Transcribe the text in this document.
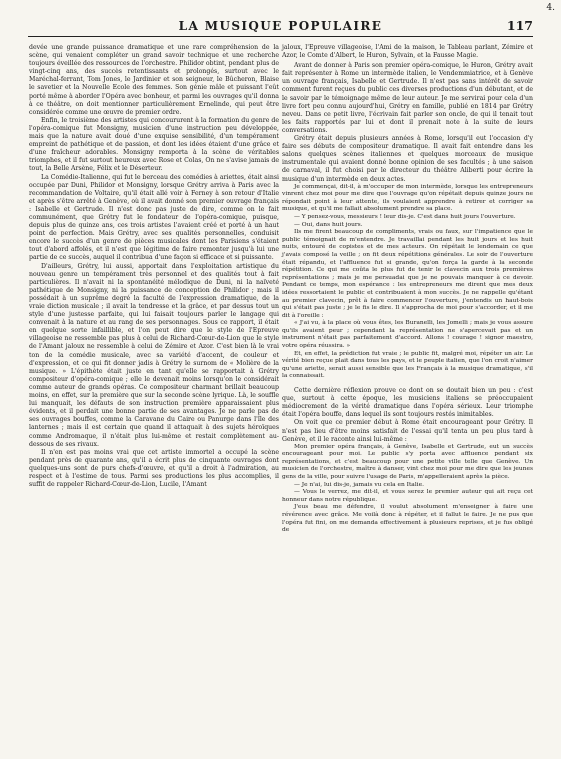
4.
LA MUSIQUE POPULAIRE	117

devée une grande puissance dramatique et une rare compréhension de la scène, qui venaient compléter un grand savoir technique et une recherche toujours éveillée des ressources de l'orchestre. Philidor obtint, pendant plus de vingt-cinq ans, des succès retentissants et prolongés, surtout avec le Maréchal-ferrant, Tom Jones, le Jardinier et son seigneur, le Bûcheron, Blaise le savetier et la Nouvelle Ecole des femmes. Son génie mâle et puissant l'eût porté même à aborder l'Opéra avec bonheur, et parmi les ouvrages qu'il donna à ce théâtre, on doit mentionner particulièrement Ernelinde, qui peut être considérée comme une œuvre de premier ordre.

Enfin, le troisième des artistes qui concoururent à la formation du genre de l'opéra-comique fut Monsigny, musicien d'une instruction peu développée, mais que la nature avait doué d'une exquise sensibilité, d'un tempérament empreint de pathétique et de passion, et dont les idées étaient d'une grâce et d'une fraîcheur adorables. Monsigny remporta à la scène de véritables triomphes, et il fut surtout heureux avec Rose et Colas, On ne s'avise jamais de tout, la Belle Arsène, Félix et le Déserteur.

La Comédie-Italienne, qui fut le berceau des comédies à ariettes, était ainsi occupée par Duni, Philidor et Monsigny, lorsque Grétry arriva à Paris avec la recommandation de Voltaire, qu'il était allé voir à Ferney à son retour d'Italie et après s'être arrêté à Genève, où il avait donné son premier ouvrage français : Isabelle et Gertrude. Il n'est donc pas juste de dire, comme on le fait communément, que Grétry fut le fondateur de l'opéra-comique, puisque, depuis plus de quinze ans, ces trois artistes l'avaient créé et porté à un haut point de perfection. Mais Grétry, avec ses qualités personnelles, conduisit encore le succès d'un genre de pièces musicales dont les Parisiens s'étaient tout d'abord affolés, et il n'est que légitime de faire remonter jusqu'à lui une partie de ce succès, auquel il contribua d'une façon si efficace et si puissante.

D'ailleurs, Grétry, lui aussi, apportait dans l'exploitation artistique du nouveau genre un tempérament très personnel et des qualités tout à fait particulières. Il n'avait ni la spontanéité mélodique de Duni, ni la naïveté pathétique de Monsigny, ni la puissance de conception de Philidor ; mais il possédait à un suprême degré la faculté de l'expression dramatique, de la vraie diction musicale ; il avait la tendresse et la grâce, et par dessus tout un style d'une justesse parfaite, qui lui faisait toujours parler le langage qui convenait à la nature et au rang de ses personnages. Sous ce rapport, il était en quelque sorte infaillible, et l'on peut dire que le style de l'Epreuve villageoise ne ressemble pas plus à celui de Richard-Cœur-de-Lion que le style de l'Amant jaloux ne ressemble à celui de Zémire et Azor. C'est bien là le vrai ton de la comédie musicale, avec sa variété d'accent, de couleur et d'expression, et ce qui fit donner jadis à Grétry le surnom de « Molière de la musique. » L'épithète était juste en tant qu'elle se rapportait à Grétry compositeur d'opéra-comique ; elle le devenait moins lorsqu'on le considérait comme auteur de grands opéras. Ce compositeur charmant brillait beaucoup moins, en effet, sur la première que sur la seconde scène lyrique. Là, le souffle lui manquait, les défauts de son instruction première apparaissaient plus évidents, et il perdait une bonne partie de ses avantages. Je ne parle pas de ses ouvrages bouffes, comme la Caravane du Caire ou Panurge dans l'île des lanternes ; mais il est certain que quand il attaquait à des sujets héroïques comme Andromaque, il n'était plus lui-même et restait complètement au-dessous de ses rivaux.

Il n'en est pas moins vrai que cet artiste immortel a occupé la scène pendant près de quarante ans, qu'il a écrit plus de cinquante ouvrages dont quelques-uns sont de purs chefs-d'œuvre, et qu'il a droit à l'admiration, au respect et à l'estime de tous. Parmi ses productions les plus accomplies, il suffit de rappeler Richard-Cœur-de-Lion, Lucile, l'Amant

jaloux, l'Epreuve villageoise, l'Ami de la maison, le Tableau parlant, Zémire et Azor, le Comte d'Albert, le Huron, Sylvain, et la Fausse Magie.

Avant de donner à Paris son premier opéra-comique, le Huron, Grétry avait fait représenter à Rome un intermède italien, le Vendemmiatrice, et à Genève un ouvrage français, Isabelle et Gertrude. Il n'est pas sans intérêt de savoir comment furent reçues du public ces diverses productions d'un débutant, et de le savoir par le témoignage même de leur auteur. Je me servirai pour cela d'un livre fort peu connu aujourd'hui, Grétry en famille, publié en 1814 par Grétry neveu. Dans ce petit livre, l'écrivain fait parler son oncle, de qui il tenait tout les faits rapportés par lui et dont il prenait note à la suite de leurs conversations.

Grétry était depuis plusieurs années à Rome, lorsqu'il eut l'occasion d'y faire ses débuts de compositeur dramatique. Il avait fait entendre dans les salons quelques scènes italiennes et quelques morceaux de musique instrumentale qui avaient donné bonne opinion de ses facultés ; à une saison de carnaval, il fut choisi par le directeur du théâtre Aliberti pour écrire la musique d'un intermède en deux actes.

Je commençai, dit-il, à m'occuper de mon intermède, lorsque les entrepreneurs vinrent chez moi pour me dire que l'ouvrage qu'on répétait depuis quinze jours ne répondait point à leur attente, ils voulaient apprendre à retirer et corriger sa musique, et qu'il me fallait absolument prendre sa place.

— Y pensez-vous, messieurs ! leur dis-je. C'est dans huit jours l'ouverture.

— Oui, dans huit jours.

Ils me firent beaucoup de compliments, vrais ou faux, sur l'impatience que le public témoignait de m'entendre. Je travaillai pendant les huit jours et les huit nuits, entouré de copistes et de mes acteurs. On répétait le lendemain ce que j'avais composé la veille ; on fit deux répétitions générales. Le soir de l'ouverture était répandu, et l'affluence fut si grande, qu'on força la garde à la seconde répétition. Ce qui me coûta le plus fut de tenir le clavecin aux trois premières représentations ; mais je me persuadai que je ne pouvais manquer à ce devoir. Pendant ce temps, mon espérance : les entrepreneurs me dirent que mes deux idées ressortaient le public et contribuaient à mon succès. Je ne rappelle qu'étant au premier clavecin, prêt à faire commencer l'ouverture, j'entendis un haut-bois qui s'était pas juste ; je le fis le dire. Il s'approcha de moi pour s'accorder, et il me dit à l'oreille :

« J'ai vu, à la place où vous êtes, les Buranelli, les Jomelli ; mais je vous assure qu'ils avaient peur ; cependant la représentation ne s'apercevait pas et un instrument n'était pas parfaitement d'accord. Allons ! courage ! signor maestro, votre opéra réussira. »

Et, en effet, la prédiction fut vraie ; le public fit, malgré moi, répéter un air. Le vérité bien reçue plait dans tous les pays, et le peuple italien, que l'on croit n'aimer qu'une ariette, serait aussi sensible que les Français à la musique dramatique, s'il la connaissait.

Cette dernière réflexion prouve ce dont on se doutait bien un peu : c'est que, surtout à cette époque, les musiciens italiens se préoccupaient médiocrement de la vérité dramatique dans l'opéra sérieux. Leur triomphe était l'opéra bouffe, dans lequel ils sont toujours restés inimitables.

On voit que ce premier début à Rome était encourageant pour Grétry. Il n'est pas lieu d'être moins satisfait de l'essai qu'il tenta un peu plus tard à Genève, et il le raconte ainsi lui-même :

Mon premier opéra français, à Genève, Isabelle et Gertrude, eut un succès encourageant pour moi. Le public s'y porta avec affluence pendant six représentations, et c'est beaucoup pour une petite ville telle que Genève. Un musicien de l'orchestre, maître à danser, vint chez moi pour me dire que les jeunes gens de la ville, pour suivre l'usage de Paris, m'appelleraient après la pièce.

— Je n'ai, lui dis-je, jamais vu cela en Italie.

— Vous le verrez, me dit-il, et vous serez le premier auteur qui ait reçu cet honneur dans notre république.

J'eus beau me défendre, il voulut absolument m'enseigner à faire une révérence avec grâce. Me voilà donc à répéter, et il fallut le faire. Je ne pus que l'opéra fut fini, on me demanda effectivement à plusieurs reprises, et je fus obligé de
